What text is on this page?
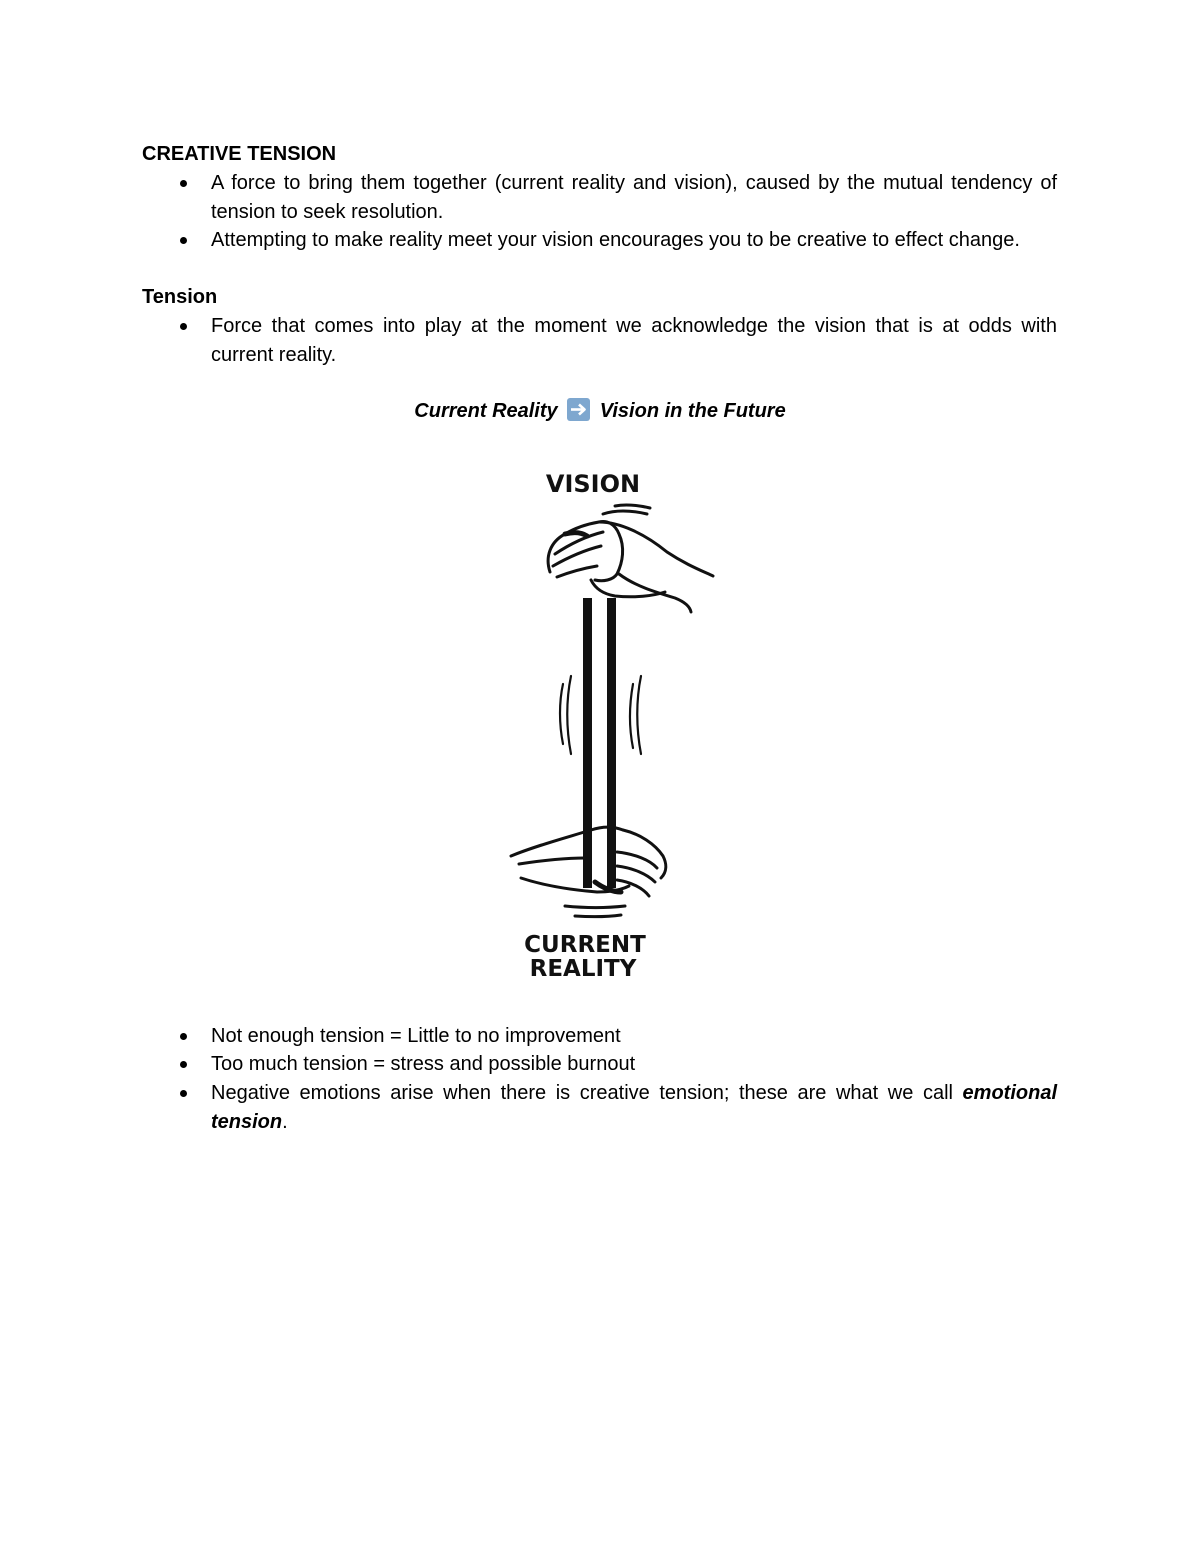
CREATIVE TENSION
A force to bring them together (current reality and vision), caused by the mutual tendency of tension to seek resolution.
Attempting to make reality meet your vision encourages you to be creative to effect change.
Tension
Force that comes into play at the moment we acknowledge the vision that is at odds with current reality.
Current Reality Vision in the Future
VISION
CURRENT
REALITY
Not enough tension = Little to no improvement
Too much tension = stress and possible burnout
Negative emotions arise when there is creative tension; these are what we call emotional tension.
